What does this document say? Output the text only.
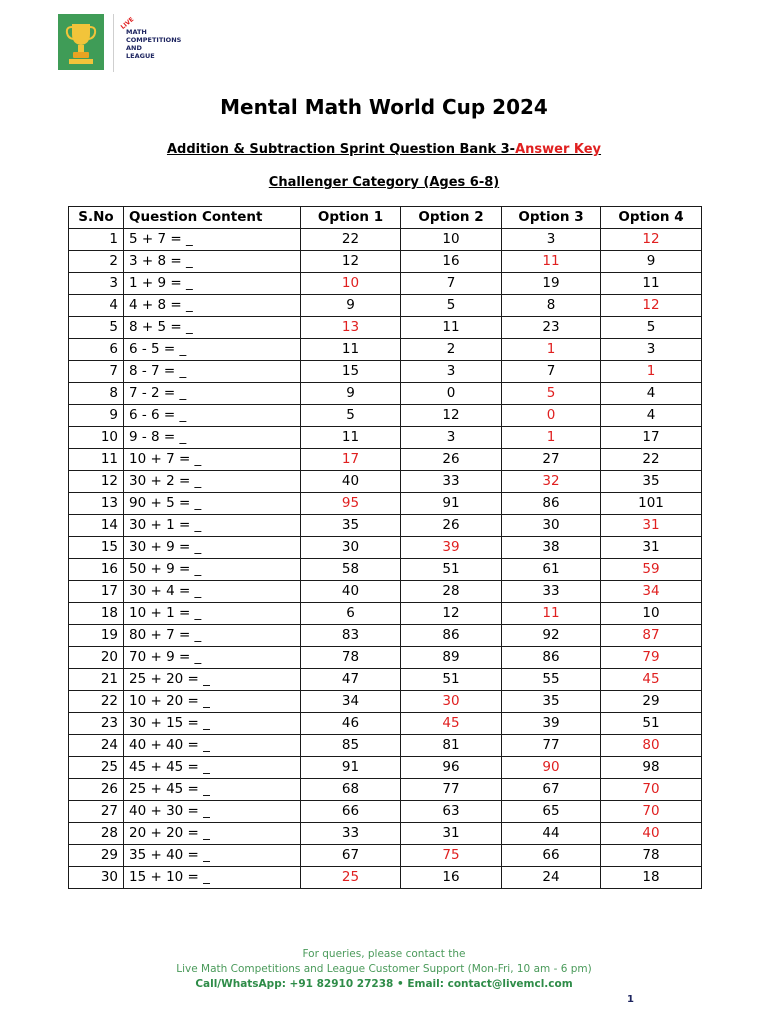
LIVE
MATH
COMPETITIONS
AND
LEAGUE
Mental Math World Cup 2024
Addition & Subtraction Sprint Question Bank 3-Answer Key
Challenger Category (Ages 6-8)
S.No	Question Content	Option 1	Option 2	Option 3	Option 4
1	5 + 7 = _	22	10	3	12
2	3 + 8 = _	12	16	11	9
3	1 + 9 = _	10	7	19	11
4	4 + 8 = _	9	5	8	12
5	8 + 5 = _	13	11	23	5
6	6 - 5 = _	11	2	1	3
7	8 - 7 = _	15	3	7	1
8	7 - 2 = _	9	0	5	4
9	6 - 6 = _	5	12	0	4
10	9 - 8 = _	11	3	1	17
11	10 + 7 = _	17	26	27	22
12	30 + 2 = _	40	33	32	35
13	90 + 5 = _	95	91	86	101
14	30 + 1 = _	35	26	30	31
15	30 + 9 = _	30	39	38	31
16	50 + 9 = _	58	51	61	59
17	30 + 4 = _	40	28	33	34
18	10 + 1 = _	6	12	11	10
19	80 + 7 = _	83	86	92	87
20	70 + 9 = _	78	89	86	79
21	25 + 20 = _	47	51	55	45
22	10 + 20 = _	34	30	35	29
23	30 + 15 = _	46	45	39	51
24	40 + 40 = _	85	81	77	80
25	45 + 45 = _	91	96	90	98
26	25 + 45 = _	68	77	67	70
27	40 + 30 = _	66	63	65	70
28	20 + 20 = _	33	31	44	40
29	35 + 40 = _	67	75	66	78
30	15 + 10 = _	25	16	24	18
For queries, please contact the
Live Math Competitions and League Customer Support (Mon-Fri, 10 am - 6 pm)
Call/WhatsApp: +91 82910 27238 • Email: contact@livemcl.com
1
